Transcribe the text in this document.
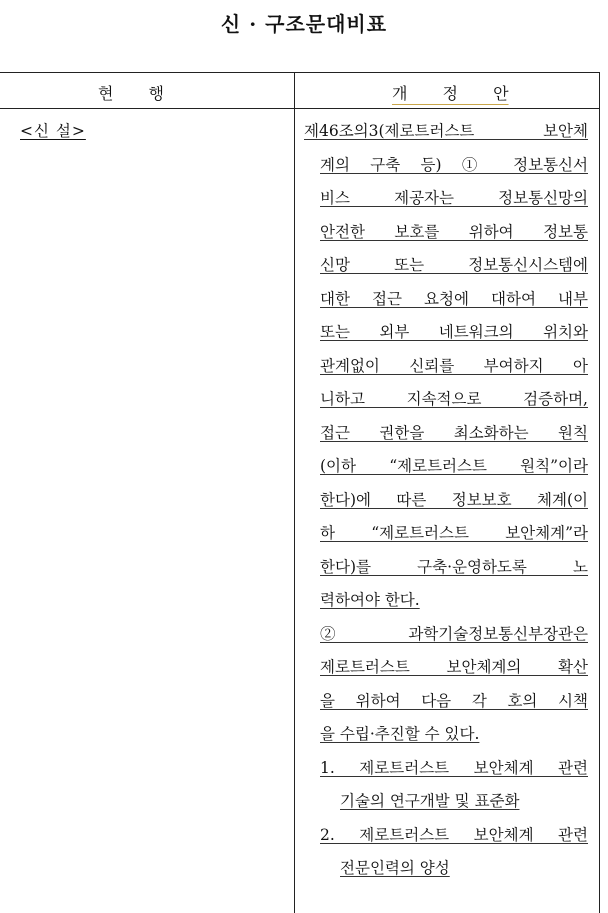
신 · 구조문대비표
현 행	개 정 안
<신 설>	제46조의3(제로트러스트 보안체
계의 구축 등) ① 정보통신서
비스 제공자는 정보통신망의
안전한 보호를 위하여 정보통
신망 또는 정보통신시스템에
대한 접근 요청에 대하여 내부
또는 외부 네트워크의 위치와
관계없이 신뢰를 부여하지 아
니하고 지속적으로 검증하며,
접근 권한을 최소화하는 원칙
(이하 “제로트러스트 원칙”이라
한다)에 따른 정보보호 체계(이
하 “제로트러스트 보안체계”라
한다)를 구축·운영하도록 노
력하여야 한다.
② 과학기술정보통신부장관은
제로트러스트 보안체계의 확산
을 위하여 다음 각 호의 시책
을 수립·추진할 수 있다.
1. 제로트러스트 보안체계 관련
기술의 연구개발 및 표준화
2. 제로트러스트 보안체계 관련
전문인력의 양성
